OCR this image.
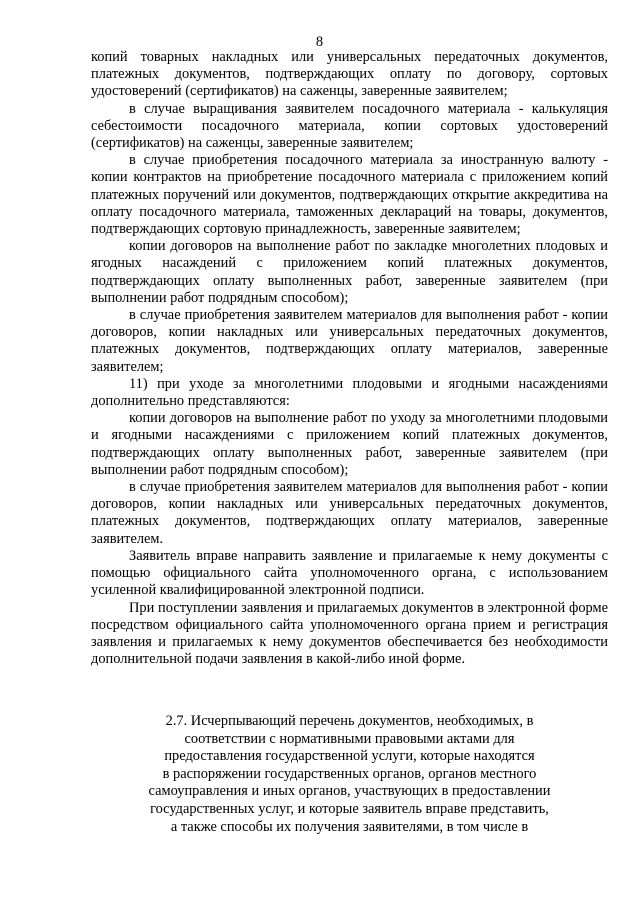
8

копий товарных накладных или универсальных передаточных документов, платежных документов, подтверждающих оплату по договору, сортовых удостоверений (сертификатов) на саженцы, заверенные заявителем;

в случае выращивания заявителем посадочного материала - калькуляция себестоимости посадочного материала, копии сортовых удостоверений (сертификатов) на саженцы, заверенные заявителем;

в случае приобретения посадочного материала за иностранную валюту - копии контрактов на приобретение посадочного материала с приложением копий платежных поручений или документов, подтверждающих открытие аккредитива на оплату посадочного материала, таможенных деклараций на товары, документов, подтверждающих сортовую принадлежность, заверенные заявителем;

копии договоров на выполнение работ по закладке многолетних плодовых и ягодных насаждений с приложением копий платежных документов, подтверждающих оплату выполненных работ, заверенные заявителем (при выполнении работ подрядным способом);

в случае приобретения заявителем материалов для выполнения работ - копии договоров, копии накладных или универсальных передаточных документов, платежных документов, подтверждающих оплату материалов, заверенные заявителем;

11) при уходе за многолетними плодовыми и ягодными насаждениями дополнительно представляются:

копии договоров на выполнение работ по уходу за многолетними плодовыми и ягодными насаждениями с приложением копий платежных документов, подтверждающих оплату выполненных работ, заверенные заявителем (при выполнении работ подрядным способом);

в случае приобретения заявителем материалов для выполнения работ - копии договоров, копии накладных или универсальных передаточных документов, платежных документов, подтверждающих оплату материалов, заверенные заявителем.

Заявитель вправе направить заявление и прилагаемые к нему документы с помощью официального сайта уполномоченного органа, с использованием усиленной квалифицированной электронной подписи.

При поступлении заявления и прилагаемых документов в электронной форме посредством официального сайта уполномоченного органа прием и регистрация заявления и прилагаемых к нему документов обеспечивается без необходимости дополнительной подачи заявления в какой-либо иной форме.

2.7. Исчерпывающий перечень документов, необходимых, в
соответствии с нормативными правовыми актами для
предоставления государственной услуги, которые находятся
в распоряжении государственных органов, органов местного
самоуправления и иных органов, участвующих в предоставлении
государственных услуг, и которые заявитель вправе представить,
а также способы их получения заявителями, в том числе в
